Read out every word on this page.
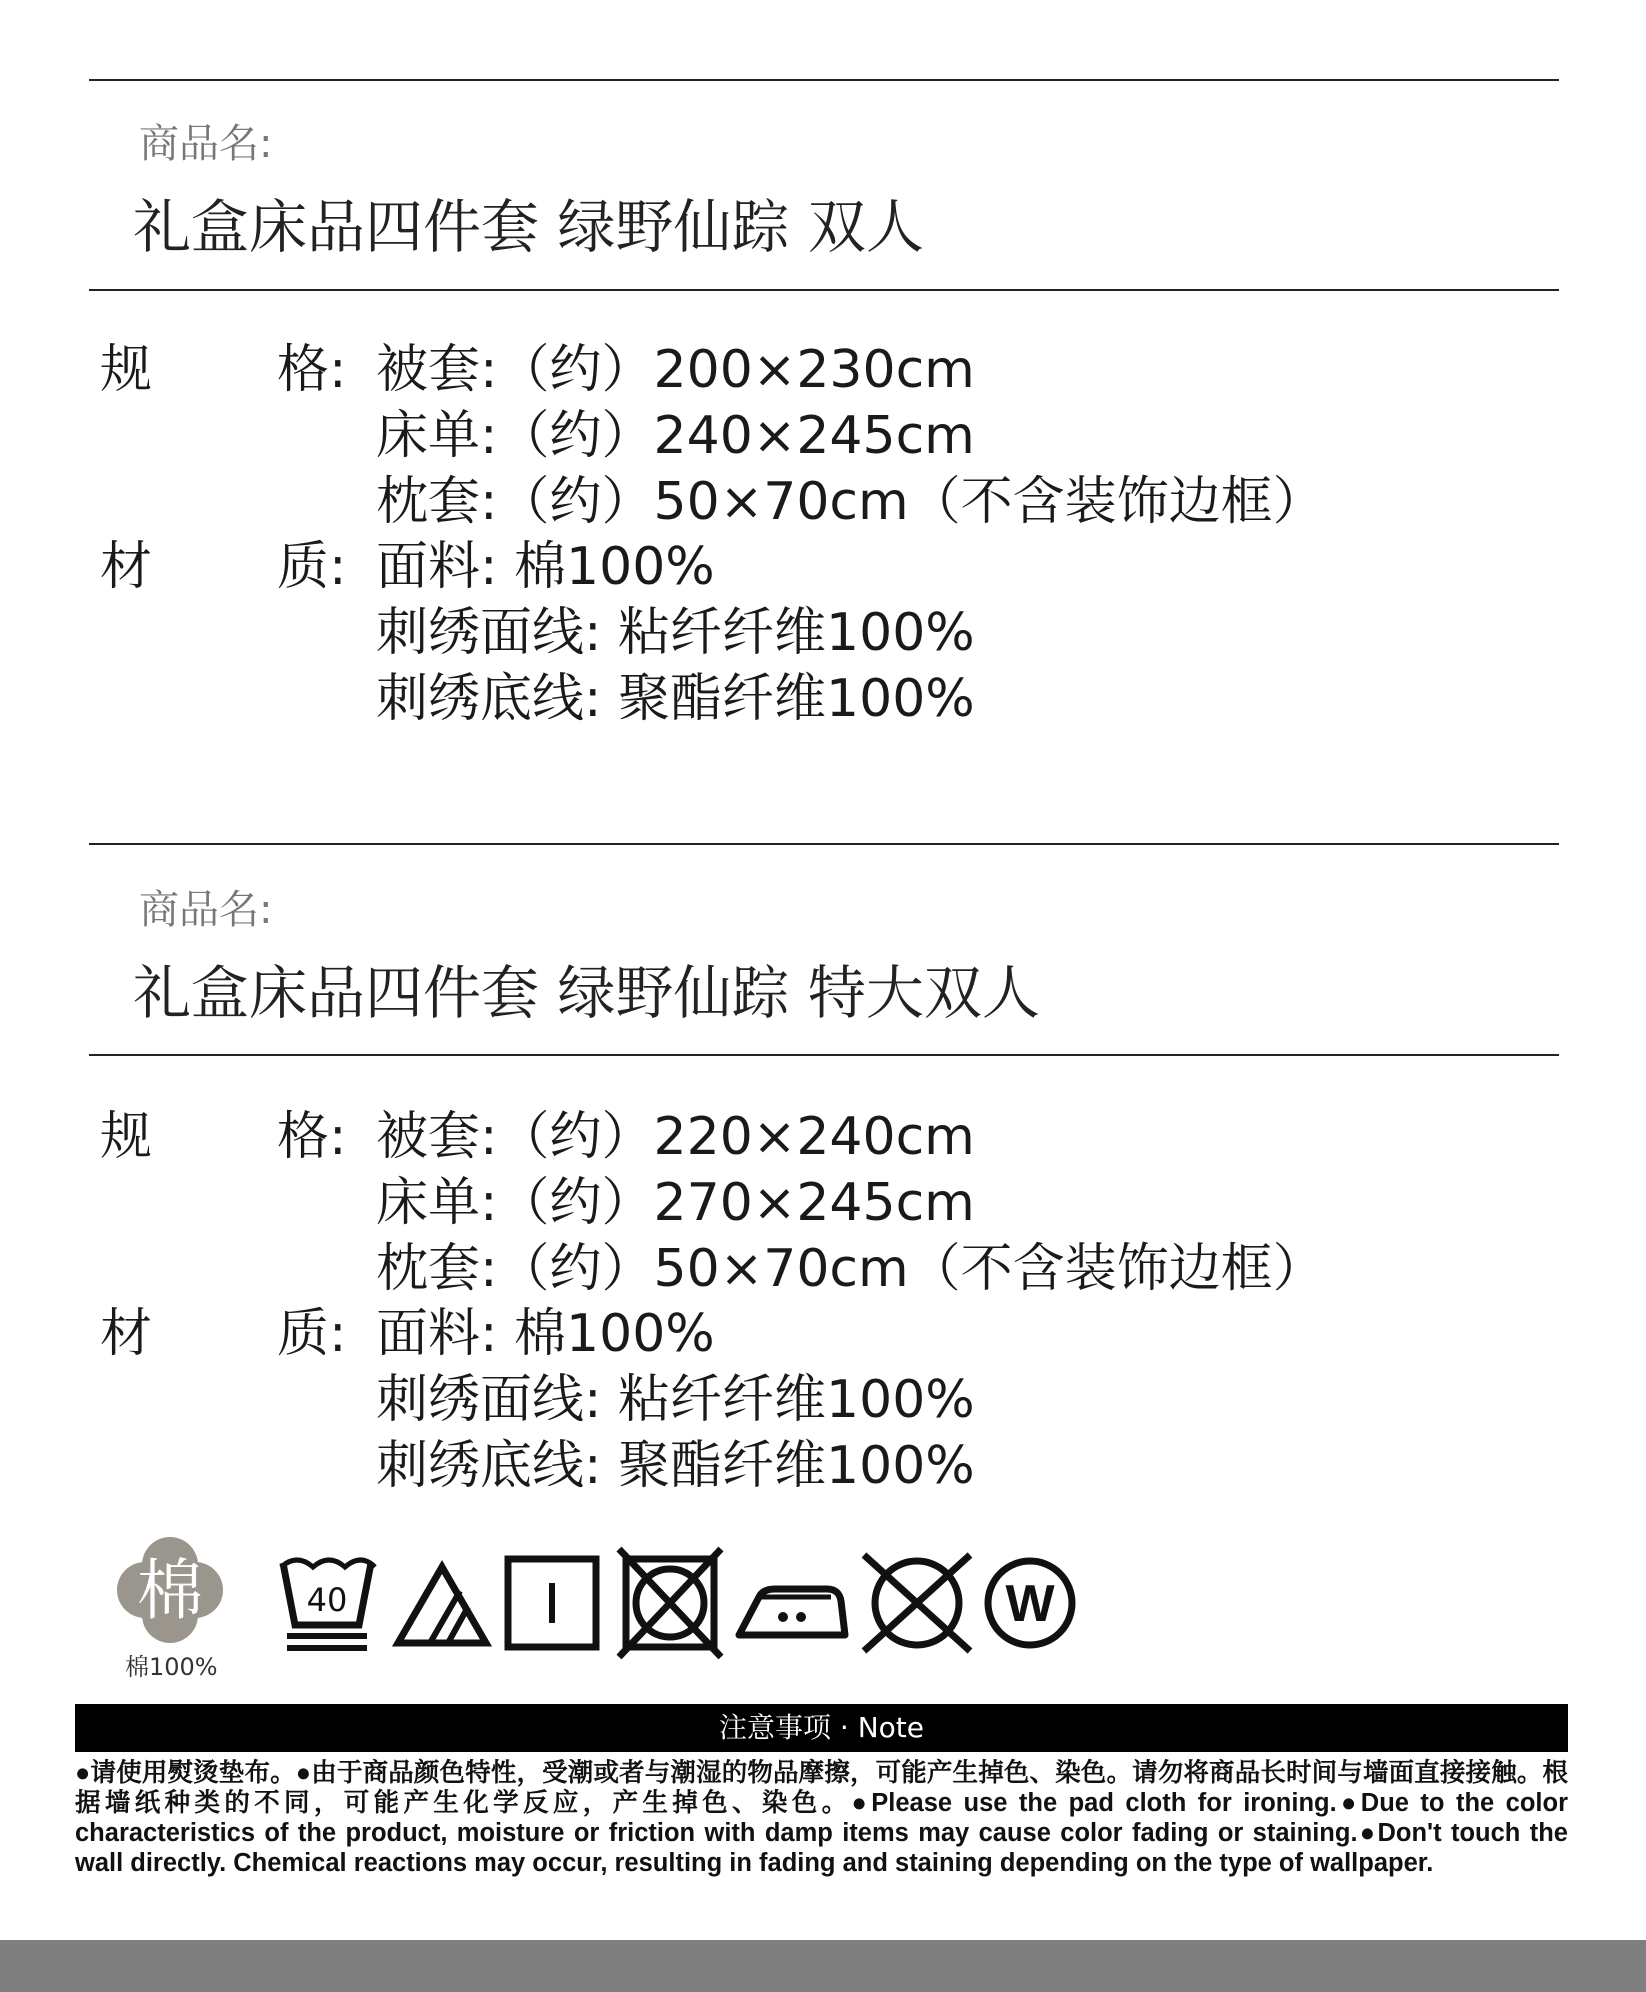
商品名:
礼盒床品四件套 绿野仙踪 双人
规 格: 被套:（约）200×230cm
床单:（约）240×245cm
枕套:（约）50×70cm（不含装饰边框）
材 质: 面料: 棉100%
刺绣面线: 粘纤纤维100%
刺绣底线: 聚酯纤维100%
商品名:
礼盒床品四件套 绿野仙踪 特大双人
规 格: 被套:（约）220×240cm
床单:（约）270×245cm
枕套:（约）50×70cm（不含装饰边框）
材 质: 面料: 棉100%
刺绣面线: 粘纤纤维100%
刺绣底线: 聚酯纤维100%
棉
棉100%
40	W
注意事项 · Note
●请使用熨烫垫布。●由于商品颜色特性，受潮或者与潮湿的物品摩擦，可能产生掉色、染色。请勿将商品长时间与墙面直接接触。根据墙纸种类的不同，可能产生化学反应，产生掉色、染色。●Please use the pad cloth for ironing.●Due to the color characteristics of the product, moisture or friction with damp items may cause color fading or staining.●Don't touch the wall directly. Chemical reactions may occur, resulting in fading and staining depending on the type of wallpaper.
